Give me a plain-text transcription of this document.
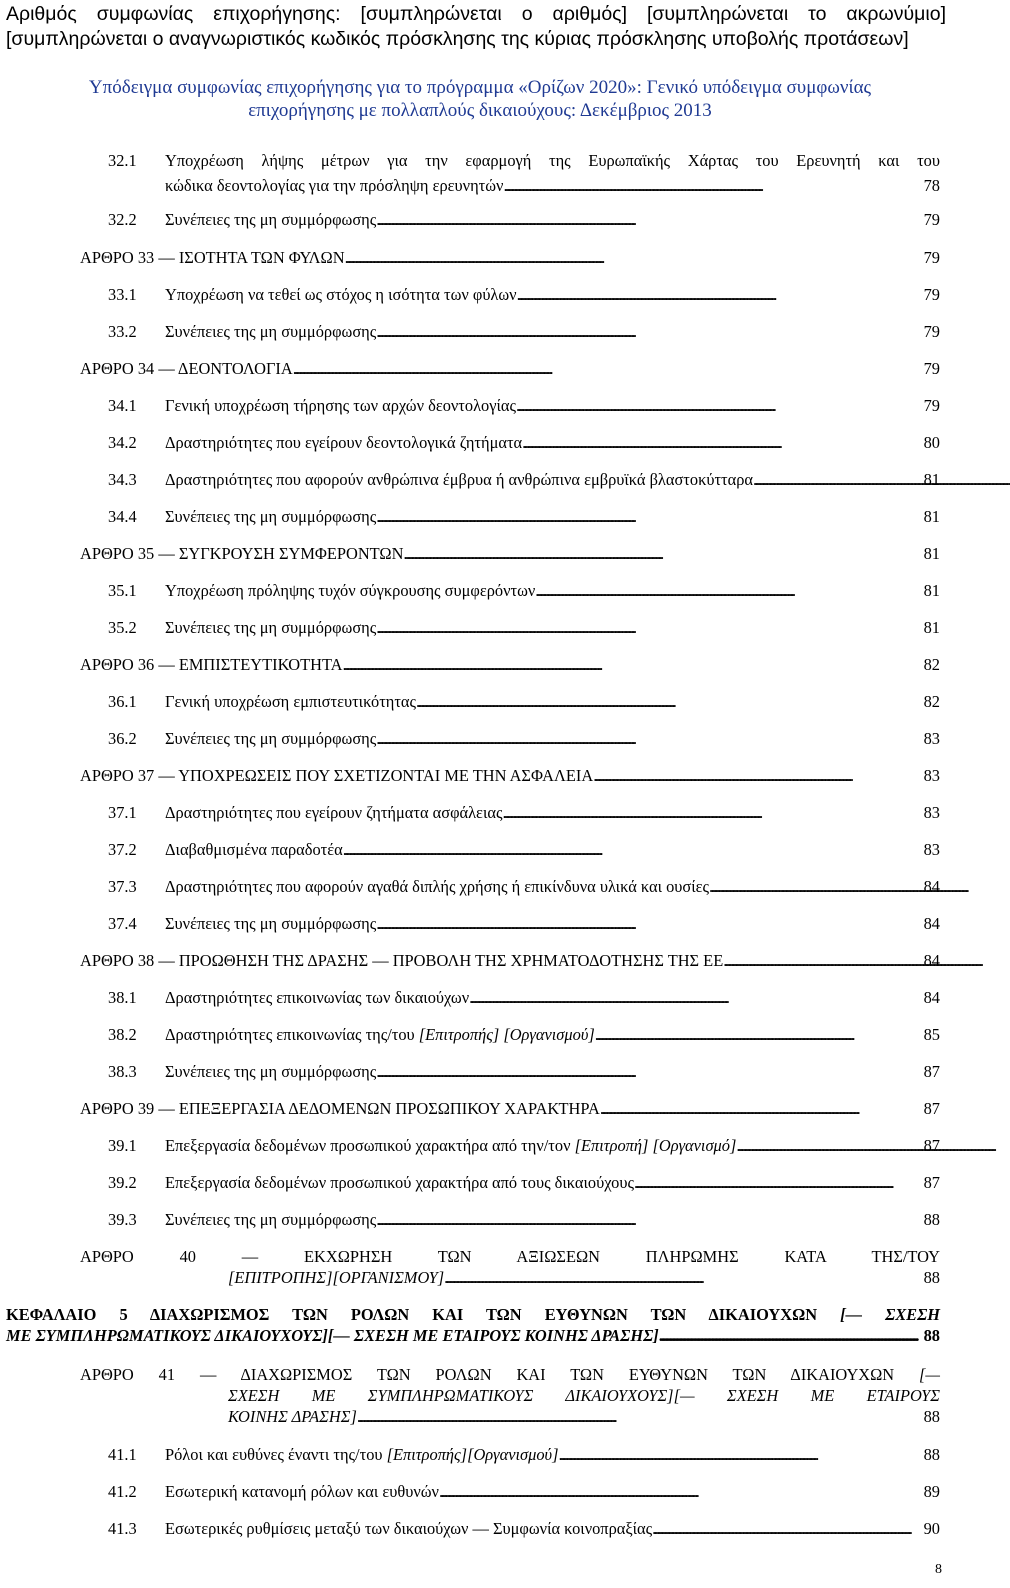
Αριθμός συμφωνίας επιχορήγησης: [συμπληρώνεται ο αριθμός] [συμπληρώνεται το ακρωνύμιο]
[συμπληρώνεται ο αναγνωριστικός κωδικός πρόσκλησης της κύριας πρόσκλησης υποβολής προτάσεων]
Υπόδειγμα συμφωνίας επιχορήγησης για το πρόγραμμα «Ορίζων 2020»: Γενικό υπόδειγμα συμφωνίας
επιχορήγησης με πολλαπλούς δικαιούχους: Δεκέμβριος 2013
32.1	Υποχρέωση λήψης μέτρων για την εφαρμογή της Ευρωπαϊκής Χάρτας του Ερευνητή και του
κώδικα δεοντολογίας για την πρόσληψη ερευνητών . . .	78
32.2	Συνέπειες της μη συμμόρφωσης . . .	79
ΑΡΘΡΟ 33 — ΙΣΟΤΗΤΑ ΤΩΝ ΦΥΛΩΝ . . .	79
33.1	Υποχρέωση να τεθεί ως στόχος η ισότητα των φύλων . . .	79
33.2	Συνέπειες της μη συμμόρφωσης . . .	79
ΑΡΘΡΟ 34 — ΔΕΟΝΤΟΛΟΓΙΑ . . .	79
34.1	Γενική υποχρέωση τήρησης των αρχών δεοντολογίας . . .	79
34.2	Δραστηριότητες που εγείρουν δεοντολογικά ζητήματα . . .	80
34.3	Δραστηριότητες που αφορούν ανθρώπινα έμβρυα ή ανθρώπινα εμβρυϊκά βλαστοκύτταρα . . .	81
34.4	Συνέπειες της μη συμμόρφωσης . . .	81
ΑΡΘΡΟ 35 — ΣΥΓΚΡΟΥΣΗ ΣΥΜΦΕΡΟΝΤΩΝ . . .	81
35.1	Υποχρέωση πρόληψης τυχόν σύγκρουσης συμφερόντων . . .	81
35.2	Συνέπειες της μη συμμόρφωσης . . .	81
ΑΡΘΡΟ 36 — ΕΜΠΙΣΤΕΥΤΙΚΟΤΗΤΑ . . .	82
36.1	Γενική υποχρέωση εμπιστευτικότητας . . .	82
36.2	Συνέπειες της μη συμμόρφωσης . . .	83
ΑΡΘΡΟ 37 — ΥΠΟΧΡΕΩΣΕΙΣ ΠΟΥ ΣΧΕΤΙΖΟΝΤΑΙ ΜΕ ΤΗΝ ΑΣΦΑΛΕΙΑ . . .	83
37.1	Δραστηριότητες που εγείρουν ζητήματα ασφάλειας . . .	83
37.2	Διαβαθμισμένα παραδοτέα . . .	83
37.3	Δραστηριότητες που αφορούν αγαθά διπλής χρήσης ή επικίνδυνα υλικά και ουσίες . . .	84
37.4	Συνέπειες της μη συμμόρφωσης . . .	84
ΑΡΘΡΟ 38 — ΠΡΟΩΘΗΣΗ ΤΗΣ ΔΡΑΣΗΣ — ΠΡΟΒΟΛΗ ΤΗΣ ΧΡΗΜΑΤΟΔΟΤΗΣΗΣ ΤΗΣ ΕΕ . . .	84
38.1	Δραστηριότητες επικοινωνίας των δικαιούχων . . .	84
38.2	Δραστηριότητες επικοινωνίας της/του [Επιτροπής] [Οργανισμού] . . .	85
38.3	Συνέπειες της μη συμμόρφωσης . . .	87
ΑΡΘΡΟ 39 — ΕΠΕΞΕΡΓΑΣΙΑ ΔΕΔΟΜΕΝΩΝ ΠΡΟΣΩΠΙΚΟΥ ΧΑΡΑΚΤΗΡΑ . . .	87
39.1	Επεξεργασία δεδομένων προσωπικού χαρακτήρα από την/τον [Επιτροπή] [Οργανισμό] . . .	87
39.2	Επεξεργασία δεδομένων προσωπικού χαρακτήρα από τους δικαιούχους . . .	87
39.3	Συνέπειες της μη συμμόρφωσης . . .	88
ΑΡΘΡΟ 40 — ΕΚΧΩΡΗΣΗ ΤΩΝ ΑΞΙΩΣΕΩΝ ΠΛΗΡΩΜΗΣ ΚΑΤΑ ΤΗΣ/ΤΟΥ
[ΕΠΙΤΡΟΠΗΣ][ΟΡΓΑΝΙΣΜΟΥ] . . .	88
ΚΕΦΑΛΑΙΟ 5 ΔΙΑΧΩΡΙΣΜΟΣ ΤΩΝ ΡΟΛΩΝ ΚΑΙ ΤΩΝ ΕΥΘΥΝΩΝ ΤΩΝ ΔΙΚΑΙΟΥΧΩΝ [— ΣΧΕΣΗ
ΜΕ ΣΥΜΠΛΗΡΩΜΑΤΙΚΟΥΣ ΔΙΚΑΙΟΥΧΟΥΣ][— ΣΧΕΣΗ ΜΕ ΕΤΑΙΡΟΥΣ ΚΟΙΝΗΣ ΔΡΑΣΗΣ] . . .	88
ΑΡΘΡΟ 41 — ΔΙΑΧΩΡΙΣΜΟΣ ΤΩΝ ΡΟΛΩΝ ΚΑΙ ΤΩΝ ΕΥΘΥΝΩΝ ΤΩΝ ΔΙΚΑΙΟΥΧΩΝ [—
ΣΧΕΣΗ ΜΕ ΣΥΜΠΛΗΡΩΜΑΤΙΚΟΥΣ ΔΙΚΑΙΟΥΧΟΥΣ][— ΣΧΕΣΗ ΜΕ ΕΤΑΙΡΟΥΣ
ΚΟΙΝΗΣ ΔΡΑΣΗΣ] . . .	88
41.1	Ρόλοι και ευθύνες έναντι της/του [Επιτροπής][Οργανισμού] . . .	88
41.2	Εσωτερική κατανομή ρόλων και ευθυνών . . .	89
41.3	Εσωτερικές ρυθμίσεις μεταξύ των δικαιούχων — Συμφωνία κοινοπραξίας . . .	90
8
